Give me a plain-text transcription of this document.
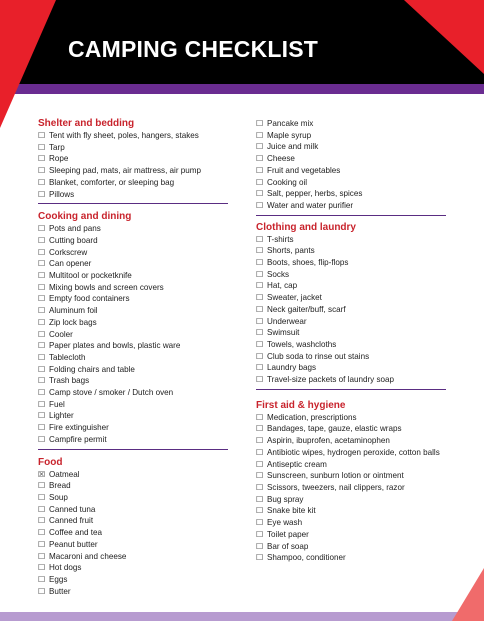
CAMPING CHECKLIST
Shelter and bedding
☐ Tent with fly sheet, poles, hangers, stakes
☐ Tarp
☐ Rope
☐ Sleeping pad, mats, air mattress, air pump
☐ Blanket, comforter, or sleeping bag
☐ Pillows
Cooking and dining
☐ Pots and pans
☐ Cutting board
☐ Corkscrew
☐ Can opener
☐ Multitool or pocketknife
☐ Mixing bowls and screen covers
☐ Empty food containers
☐ Aluminum foil
☐ Zip lock bags
☐ Cooler
☐ Paper plates and bowls, plastic ware
☐ Tablecloth
☐ Folding chairs and table
☐ Trash bags
☐ Camp stove / smoker / Dutch oven
☐ Fuel
☐ Lighter
☐ Fire extinguisher
☐ Campfire permit
Food
☒ Oatmeal
☐ Bread
☐ Soup
☐ Canned tuna
☐ Canned fruit
☐ Coffee and tea
☐ Peanut butter
☐ Macaroni and cheese
☐ Hot dogs
☐ Eggs
☐ Butter
☐ Pancake mix
☐ Maple syrup
☐ Juice and milk
☐ Cheese
☐ Fruit and vegetables
☐ Cooking oil
☐ Salt, pepper, herbs, spices
☐ Water and water purifier
Clothing and laundry
☐ T-shirts
☐ Shorts, pants
☐ Boots, shoes, flip-flops
☐ Socks
☐ Hat, cap
☐ Sweater, jacket
☐ Neck gaiter/buff, scarf
☐ Underwear
☐ Swimsuit
☐ Towels, washcloths
☐ Club soda to rinse out stains
☐ Laundry bags
☐ Travel-size packets of laundry soap
First aid & hygiene
☐ Medication, prescriptions
☐ Bandages, tape, gauze, elastic wraps
☐ Aspirin, ibuprofen, acetaminophen
☐ Antibiotic wipes, hydrogen peroxide, cotton balls
☐ Antiseptic cream
☐ Sunscreen, sunburn lotion or ointment
☐ Scissors, tweezers, nail clippers, razor
☐ Bug spray
☐ Snake bite kit
☐ Eye wash
☐ Toilet paper
☐ Bar of soap
☐ Shampoo, conditioner
